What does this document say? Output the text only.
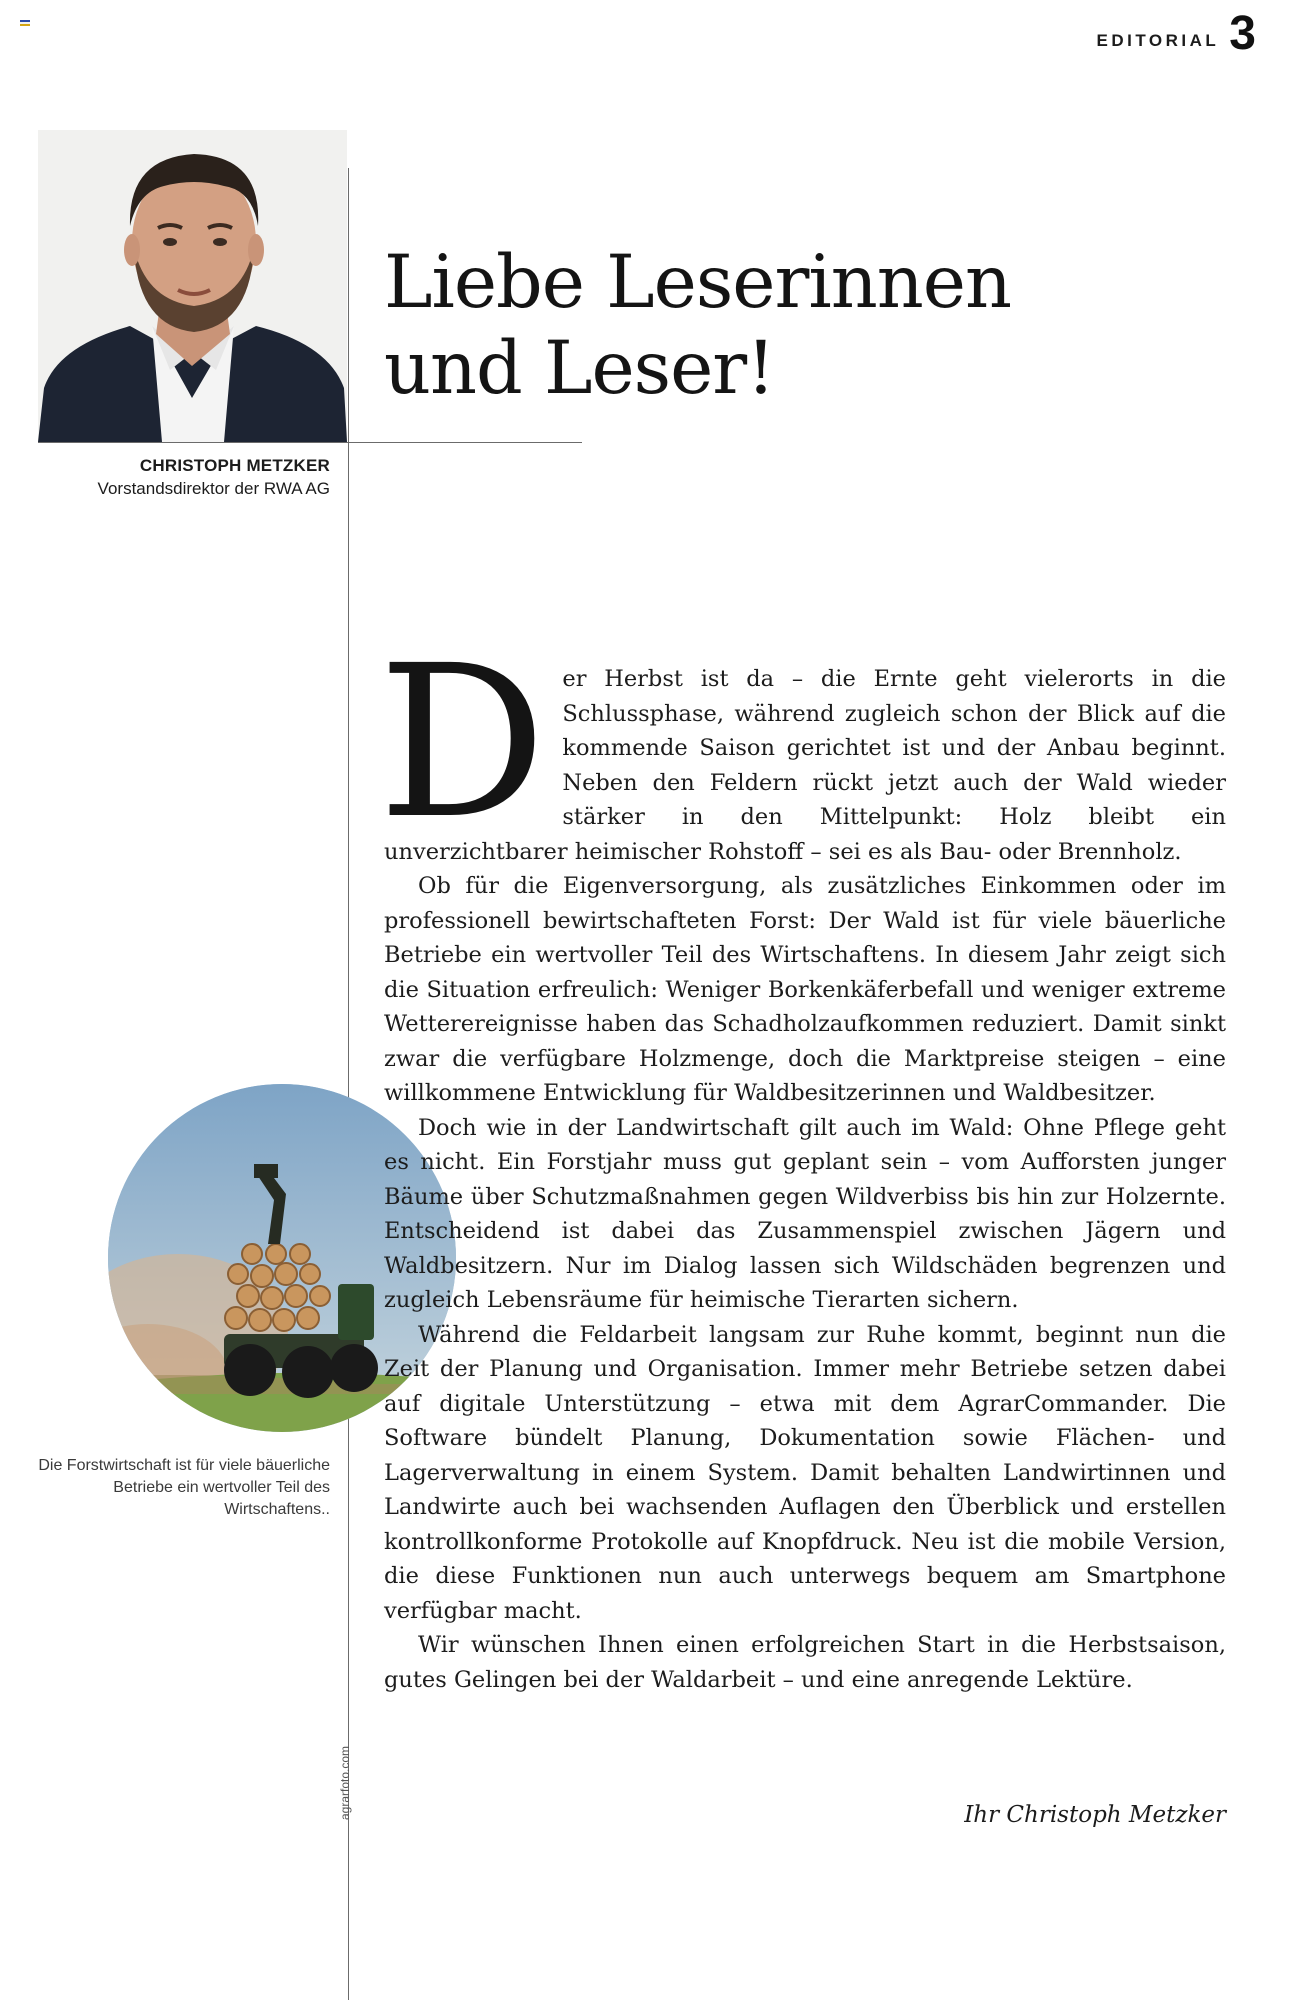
EDITORIAL 3
CHRISTOPH METZKER
Vorstandsdirektor der RWA AG
Liebe Leserinnen
und Leser!
Die Forstwirtschaft ist für viele bäuerliche Betriebe ein wertvoller Teil des Wirtschaftens..
agrarfoto.com
D er Herbst ist da – die Ernte geht vielerorts in die Schlussphase, während zugleich schon der Blick auf die kommende Saison gerichtet ist und der Anbau beginnt. Neben den Feldern rückt jetzt auch der Wald wieder stärker in den Mittelpunkt: Holz bleibt ein unverzichtbarer heimischer Rohstoff – sei es als Bau- oder Brennholz.

Ob für die Eigenversorgung, als zusätzliches Einkommen oder im professionell bewirtschafteten Forst: Der Wald ist für viele bäuerliche Betriebe ein wertvoller Teil des Wirtschaftens. In diesem Jahr zeigt sich die Situation erfreulich: Weniger Borkenkäferbefall und weniger extreme Wetterereignisse haben das Schadholzaufkommen reduziert. Damit sinkt zwar die verfügbare Holzmenge, doch die Marktpreise steigen – eine willkommene Entwicklung für Waldbesitzerinnen und Waldbesitzer.

Doch wie in der Landwirtschaft gilt auch im Wald: Ohne Pflege geht es nicht. Ein Forstjahr muss gut geplant sein – vom Aufforsten junger Bäume über Schutzmaßnahmen gegen Wildverbiss bis hin zur Holzernte. Entscheidend ist dabei das Zusammenspiel zwischen Jägern und Waldbesitzern. Nur im Dialog lassen sich Wildschäden begrenzen und zugleich Lebensräume für heimische Tierarten sichern.

Während die Feldarbeit langsam zur Ruhe kommt, beginnt nun die Zeit der Planung und Organisation. Immer mehr Betriebe setzen dabei auf digitale Unterstützung – etwa mit dem AgrarCommander. Die Software bündelt Planung, Dokumentation sowie Flächen- und Lagerverwaltung in einem System. Damit behalten Landwirtinnen und Landwirte auch bei wachsenden Auflagen den Überblick und erstellen kontrollkonforme Protokolle auf Knopfdruck. Neu ist die mobile Version, die diese Funktionen nun auch unterwegs bequem am Smartphone verfügbar macht.

Wir wünschen Ihnen einen erfolgreichen Start in die Herbstsaison, gutes Gelingen bei der Waldarbeit – und eine anregende Lektüre.

Ihr Christoph Metzker
